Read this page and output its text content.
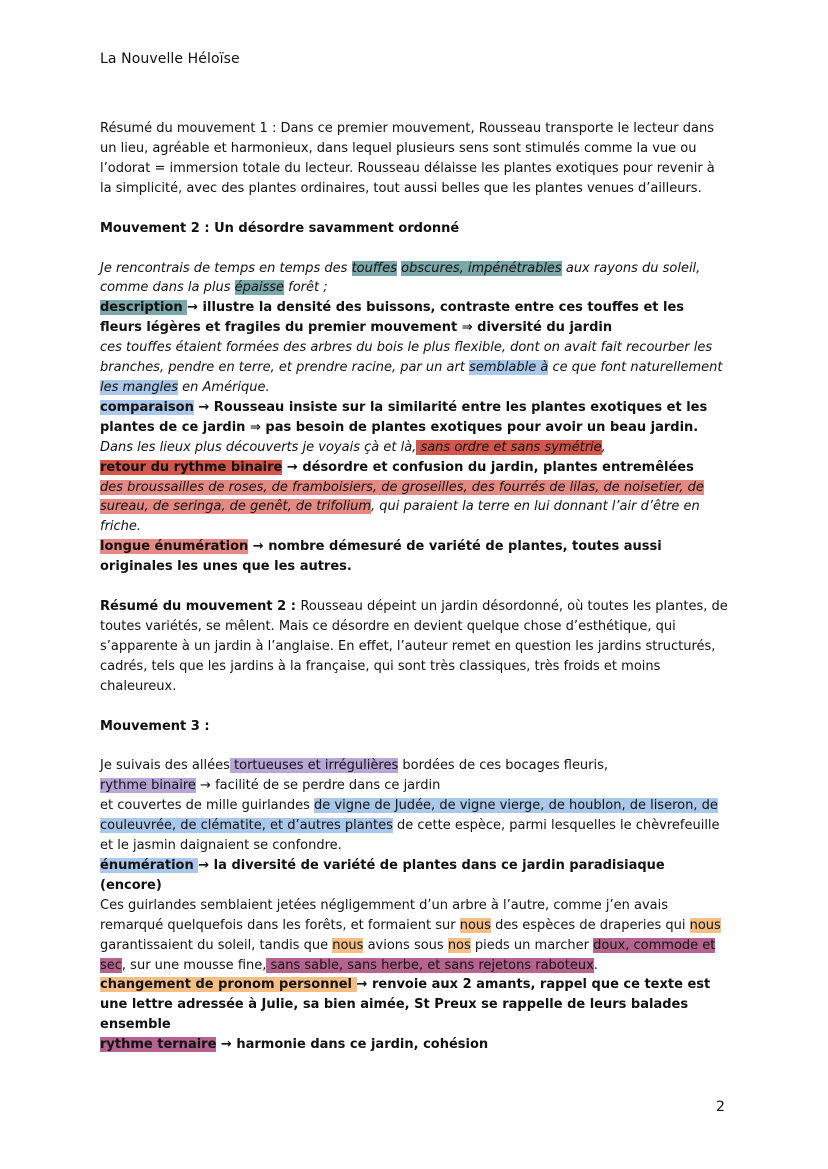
La Nouvelle Héloïse

Résumé du mouvement 1 : Dans ce premier mouvement, Rousseau transporte le lecteur dans un lieu, agréable et harmonieux, dans lequel plusieurs sens sont stimulés comme la vue ou l’odorat = immersion totale du lecteur. Rousseau délaisse les plantes exotiques pour revenir à la simplicité, avec des plantes ordinaires, tout aussi belles que les plantes venues d’ailleurs.

Mouvement 2 : Un désordre savamment ordonné

Je rencontrais de temps en temps des touffes obscures, impénétrables aux rayons du soleil, comme dans la plus épaisse forêt ;

description → illustre la densité des buissons, contraste entre ces touffes et les fleurs légères et fragiles du premier mouvement ⇒ diversité du jardin

ces touffes étaient formées des arbres du bois le plus flexible, dont on avait fait recourber les branches, pendre en terre, et prendre racine, par un art semblable à ce que font naturellement les mangles en Amérique.

comparaison → Rousseau insiste sur la similarité entre les plantes exotiques et les plantes de ce jardin ⇒ pas besoin de plantes exotiques pour avoir un beau jardin.

Dans les lieux plus découverts je voyais çà et là, sans ordre et sans symétrie,

retour du rythme binaire → désordre et confusion du jardin, plantes entremêlées

des broussailles de roses, de framboisiers, de groseilles, des fourrés de lilas, de noisetier, de sureau, de seringa, de genêt, de trifolium, qui paraient la terre en lui donnant l’air d’être en friche.

longue énumération → nombre démesuré de variété de plantes, toutes aussi originales les unes que les autres.

Résumé du mouvement 2 : Rousseau dépeint un jardin désordonné, où toutes les plantes, de toutes variétés, se mêlent. Mais ce désordre en devient quelque chose d’esthétique, qui s’apparente à un jardin à l’anglaise. En effet, l’auteur remet en question les jardins structurés, cadrés, tels que les jardins à la française, qui sont très classiques, très froids et moins chaleureux.

Mouvement 3 :

Je suivais des allées tortueuses et irrégulières bordées de ces bocages fleuris,

rythme binaire → facilité de se perdre dans ce jardin

et couvertes de mille guirlandes de vigne de Judée, de vigne vierge, de houblon, de liseron, de couleuvrée, de clématite, et d’autres plantes de cette espèce, parmi lesquelles le chèvrefeuille et le jasmin daignaient se confondre.

énumération → la diversité de variété de plantes dans ce jardin paradisiaque (encore)

Ces guirlandes semblaient jetées négligemment d’un arbre à l’autre, comme j’en avais remarqué quelquefois dans les forêts, et formaient sur nous des espèces de draperies qui nous garantissaient du soleil, tandis que nous avions sous nos pieds un marcher doux, commode et sec, sur une mousse fine, sans sable, sans herbe, et sans rejetons raboteux.

changement de pronom personnel → renvoie aux 2 amants, rappel que ce texte est une lettre adressée à Julie, sa bien aimée, St Preux se rappelle de leurs balades ensemble

rythme ternaire → harmonie dans ce jardin, cohésion

2
